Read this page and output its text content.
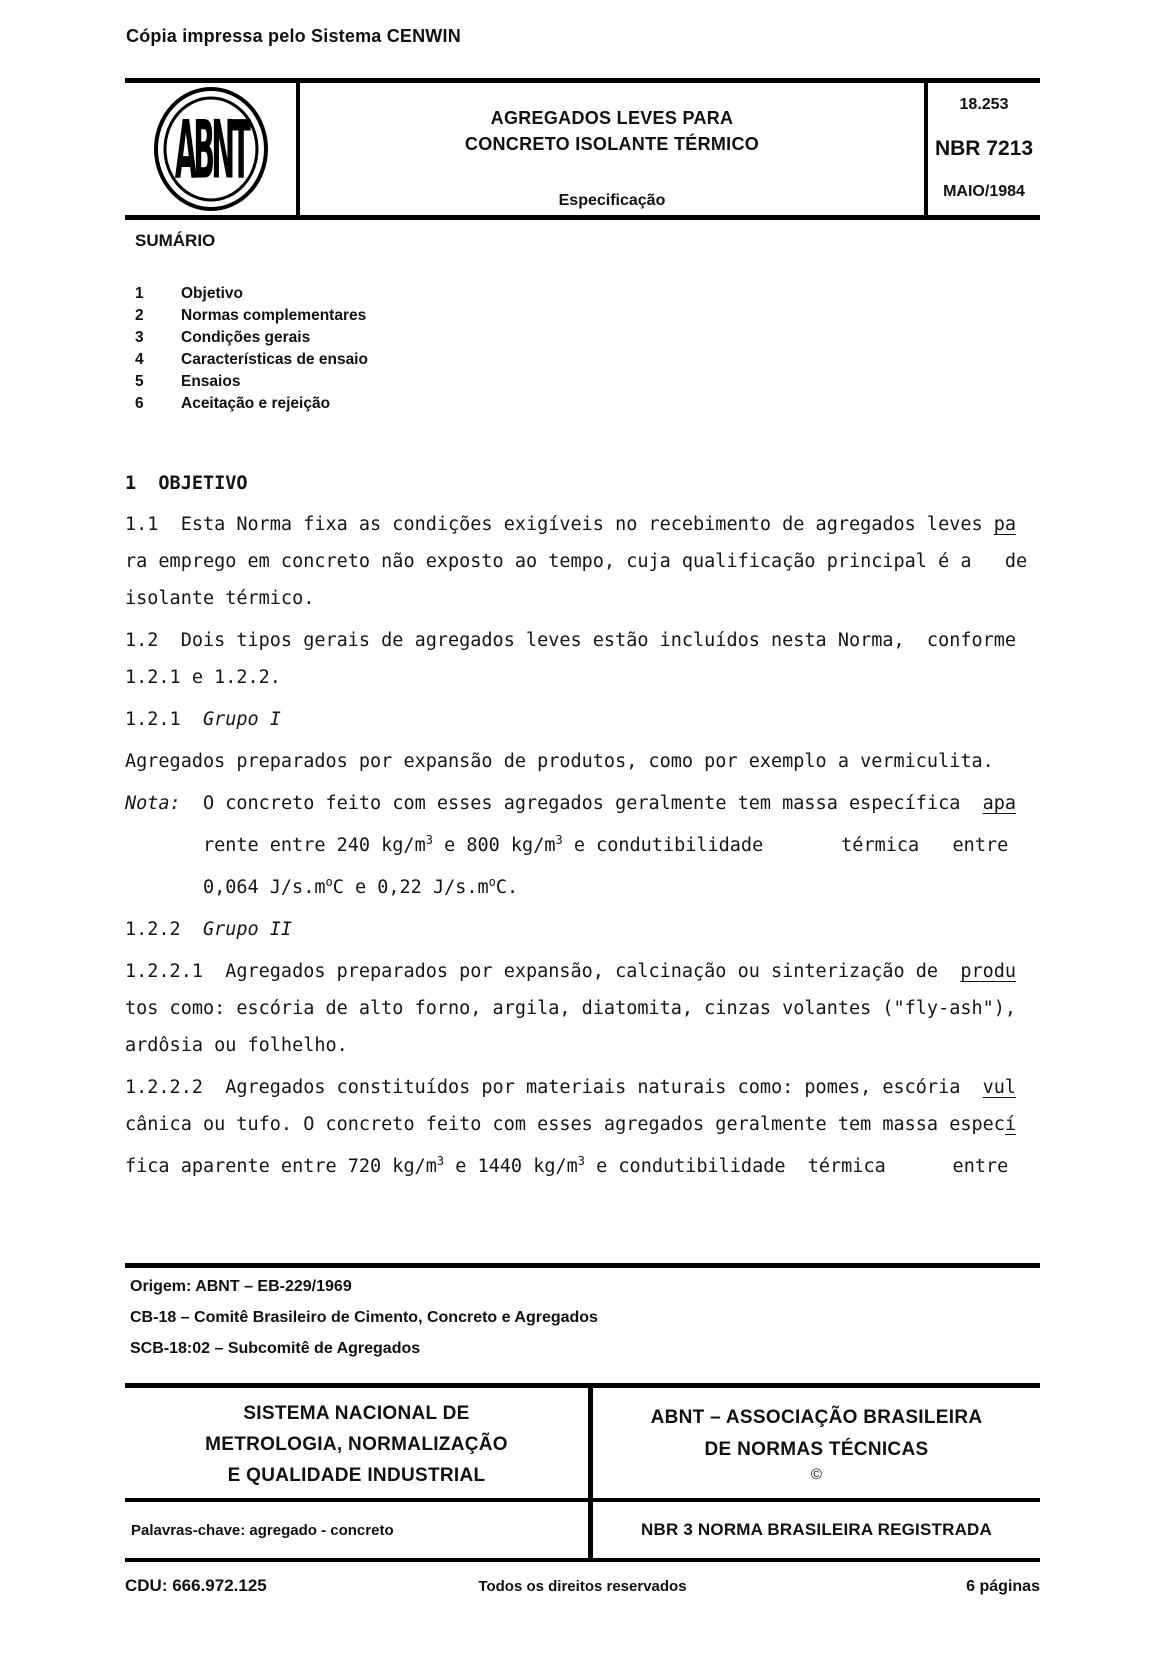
Cópia impressa pelo Sistema CENWIN
ABNT	AGREGADOS LEVES PARA
CONCRETO ISOLANTE TÉRMICO
Especificação
18.253
NBR 7213
MAIO/1984
SUMÁRIO
1	Objetivo
2	Normas complementares
3	Condições gerais
4	Características de ensaio
5	Ensaios
6	Aceitação e rejeição
1  OBJETIVO
1.1  Esta Norma fixa as condições exigíveis no recebimento de agregados leves pa
ra emprego em concreto não exposto ao tempo, cuja qualificação principal é a   de
isolante térmico.
1.2  Dois tipos gerais de agregados leves estão incluídos nesta Norma,  conforme
1.2.1 e 1.2.2.
1.2.1  Grupo I
Agregados preparados por expansão de produtos, como por exemplo a vermiculita.
Nota:  O concreto feito com esses agregados geralmente tem massa específica  apa
rente entre 240 $kg/m^3$ e 800 $kg/m^3$ e condutibilidade       térmica   entre
0,064 $J/s.m^oC$ e 0,22 $J/s.m^oC$.
1.2.2  Grupo II
1.2.2.1  Agregados preparados por expansão, calcinação ou sinterização de  produ
tos como: escória de alto forno, argila, diatomita, cinzas volantes ("fly-ash"),
ardôsia ou folhelho.
1.2.2.2  Agregados constituídos por materiais naturais como: pomes, escória  vul
cânica ou tufo. O concreto feito com esses agregados geralmente tem massa especí
fica aparente entre 720 $kg/m^3$ e 1440 $kg/m^3$ e condutibilidade  térmica      entre
Origem: ABNT – EB-229/1969
CB-18 – Comitê Brasileiro de Cimento, Concreto e Agregados
SCB-18:02 – Subcomitê de Agregados
SISTEMA NACIONAL DE
METROLOGIA, NORMALIZAÇÃO
E QUALIDADE INDUSTRIAL
ABNT – ASSOCIAÇÃO BRASILEIRA
DE NORMAS TÉCNICAS
©
Palavras-chave: agregado - concreto	NBR 3 NORMA BRASILEIRA REGISTRADA
CDU: 666.972.125	Todos os direitos reservados	6 páginas
